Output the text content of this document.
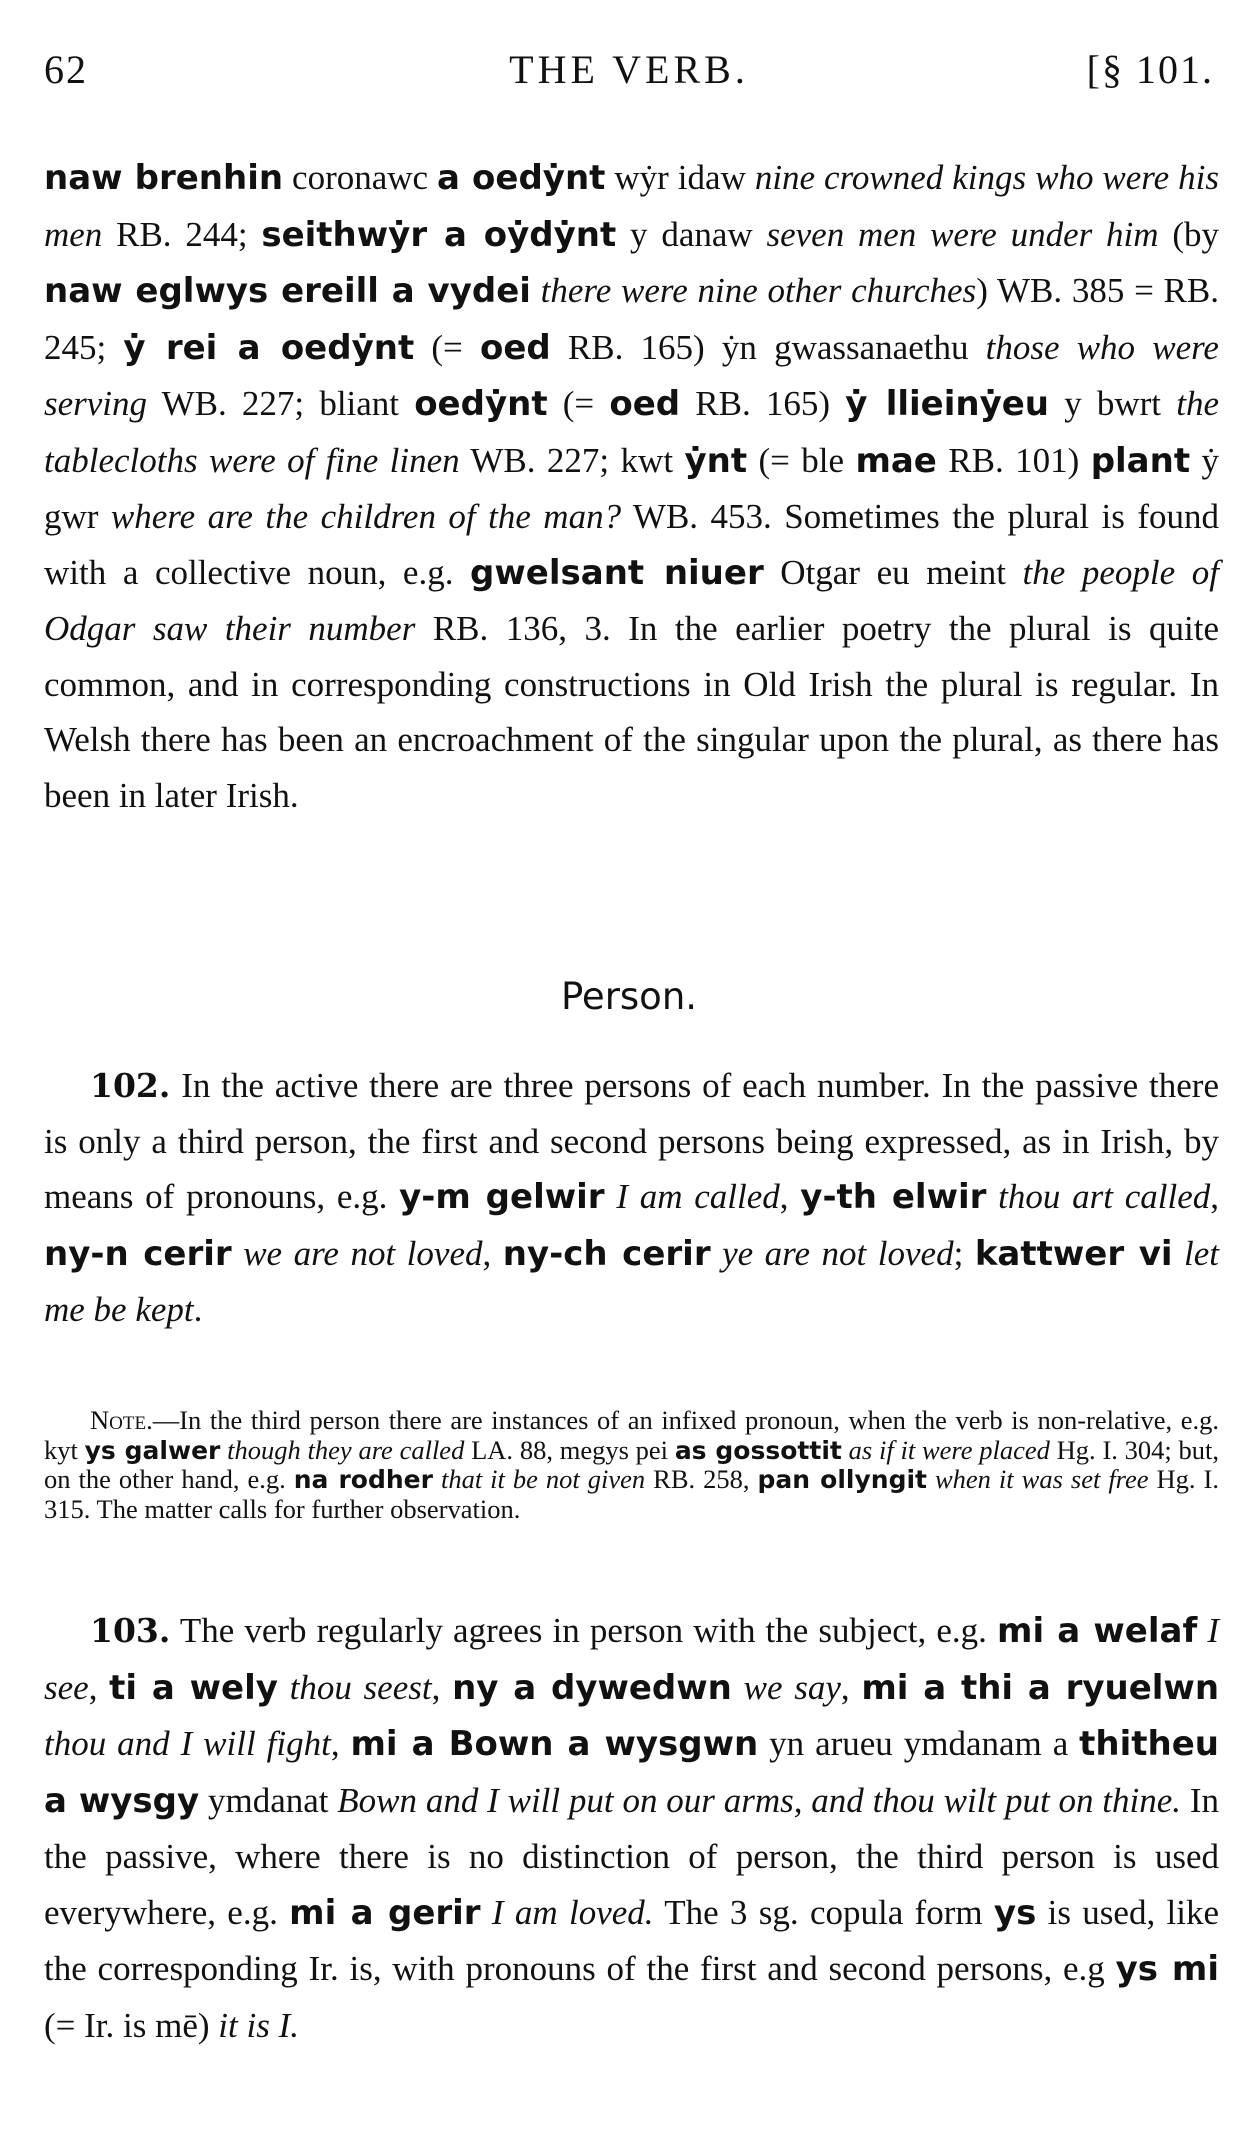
62	THE VERB.	[§ 101.
naw brenhin coronawc a oedẏnt wẏr idaw nine crowned kings who were his men RB. 244; seithwẏr a oẏdẏnt y danaw seven men were under him (by naw eglwys ereill a vydei there were nine other churches) WB. 385 = RB. 245; ẏ rei a oedẏnt (= oed RB. 165) ẏn gwassanaethu those who were serving WB. 227; bliant oedẏnt (= oed RB. 165) ẏ llieinẏeu y bwrt the tablecloths were of fine linen WB. 227; kwt ẏnt (= ble mae RB. 101) plant ẏ gwr where are the children of the man? WB. 453. Sometimes the plural is found with a collective noun, e.g. gwelsant niuer Otgar eu meint the people of Odgar saw their number RB. 136, 3. In the earlier poetry the plural is quite common, and in corresponding constructions in Old Irish the plural is regular. In Welsh there has been an encroachment of the singular upon the plural, as there has been in later Irish.
Person.
102. In the active there are three persons of each number. In the passive there is only a third person, the first and second persons being expressed, as in Irish, by means of pronouns, e.g. y-m gelwir I am called, y-th elwir thou art called, ny-n cerir we are not loved, ny-ch cerir ye are not loved; kattwer vi let me be kept.
Note.—In the third person there are instances of an infixed pronoun, when the verb is non-relative, e.g. kyt ys galwer though they are called LA. 88, megys pei as gossottit as if it were placed Hg. I. 304; but, on the other hand, e.g. na rodher that it be not given RB. 258, pan ollyngit when it was set free Hg. I. 315. The matter calls for further observation.
103. The verb regularly agrees in person with the subject, e.g. mi a welaf I see, ti a wely thou seest, ny a dywedwn we say, mi a thi a ryuelwn thou and I will fight, mi a Bown a wysgwn yn arueu ymdanam a thitheu a wysgy ymdanat Bown and I will put on our arms, and thou wilt put on thine. In the passive, where there is no distinction of person, the third person is used everywhere, e.g. mi a gerir I am loved. The 3 sg. copula form ys is used, like the corresponding Ir. is, with pronouns of the first and second persons, e.g ys mi (= Ir. is mē) it is I.
